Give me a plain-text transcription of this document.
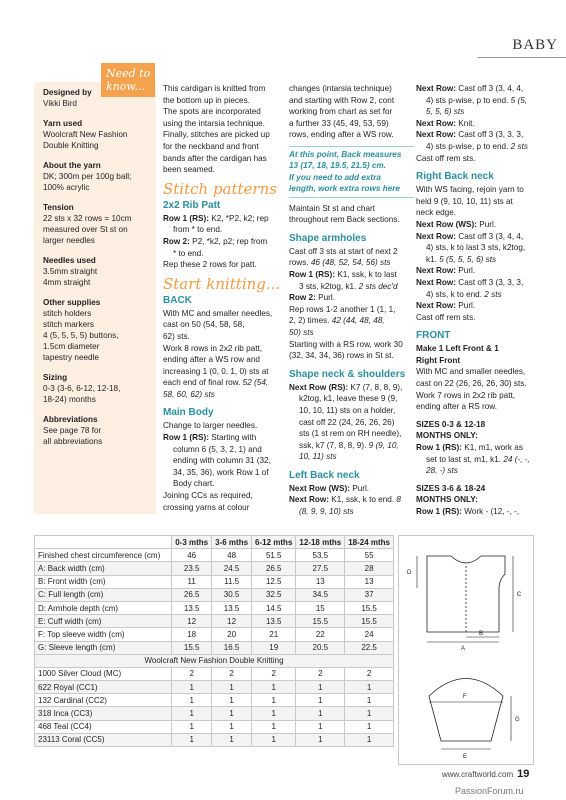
BABY
Need to
know...
Designed by
Vikki Bird
Yarn used
Woolcraft New Fashion
Double Knitting
About the yarn
DK; 300m per 100g ball;
100% acrylic
Tension
22 sts x 32 rows = 10cm
measured over St st on
larger needles
Needles used
3.5mm straight
4mm straight
Other supplies
stitch holders
stitch markers
4 (5, 5, 5, 5) buttons,
1.5cm diameter
tapestry needle
Sizing
0-3 (3-6, 6-12, 12-18,
18-24) months
Abbreviations
See page 78 for
all abbreviations
This cardigan is knitted from
the bottom up in pieces.
The spots are incorporated
using the intarsia technique.
Finally, stitches are picked up
for the neckband and front
bands after the cardigan has
been seamed.
Stitch patterns
2x2 Rib Patt
Row 1 (RS): K2, *P2, k2; rep
from * to end.
Row 2: P2, *k2, p2; rep from
* to end.
Rep these 2 rows for patt.
Start knitting...
BACK
With MC and smaller needles,
cast on 50 (54, 58, 58,
62) sts.
Work 8 rows in 2x2 rib patt,
ending after a WS row and
increasing 1 (0, 0, 1, 0) sts at
each end of final row. 52 (54,
58, 60, 62) sts
Main Body
Change to larger needles.
Row 1 (RS): Starting with
column 6 (5, 3, 2, 1) and
ending with column 31 (32,
34, 35, 36), work Row 1 of
Body chart.
Joining CCs as required,
crossing yarns at colour
changes (intarsia technique)
and starting with Row 2, cont
working from chart as set for
a further 33 (45, 49, 53, 59)
rows, ending after a WS row.
At this point, Back measures
13 (17, 18, 19.5, 21.5) cm.
If you need to add extra
length, work extra rows here
Maintain St st and chart
throughout rem Back sections.
Shape armholes
Cast off 3 sts at start of next 2
rows. 46 (48, 52, 54, 56) sts
Row 1 (RS): K1, ssk, k to last
3 sts, k2tog, k1. 2 sts dec'd
Row 2: Purl.
Rep rows 1-2 another 1 (1, 1,
2, 2) times. 42 (44, 48, 48,
50) sts
Starting with a RS row, work 30
(32, 34, 34, 36) rows in St st.
Shape neck & shoulders
Next Row (RS): K7 (7, 8, 8, 9),
k2tog, k1, leave these 9 (9,
10, 10, 11) sts on a holder,
cast off 22 (24, 26, 26, 26)
sts (1 st rem on RH needle),
ssk, k7 (7, 8, 8, 9). 9 (9, 10,
10, 11) sts
Left Back neck
Next Row (WS): Purl.
Next Row: K1, ssk, k to end. 8
(8, 9, 9, 10) sts
Next Row: Cast off 3 (3, 4, 4,
4) sts p-wise, p to end. 5 (5,
5, 5, 6) sts
Next Row: Knit.
Next Row: Cast off 3 (3, 3, 3,
4) sts p-wise, p to end. 2 sts
Cast off rem sts.
Right Back neck
With WS facing, rejoin yarn to
held 9 (9, 10, 10, 11) sts at
neck edge.
Next Row (WS): Purl.
Next Row: Cast off 3 (3, 4, 4,
4) sts, k to last 3 sts, k2tog,
k1. 5 (5, 5, 5, 6) sts
Next Row: Purl.
Next Row: Cast off 3 (3, 3, 3,
4) sts, k to end. 2 sts
Next Row: Purl.
Cast off rem sts.
FRONT
Make 1 Left Front & 1
Right Front
With MC and smaller needles,
cast on 22 (26, 26, 26, 30) sts.
Work 7 rows in 2x2 rib patt,
ending after a RS row.
SIZES 0-3 & 12-18
MONTHS ONLY:
Row 1 (RS): K1, m1, work as
set to last st, m1, k1. 24 (-, -,
28, -) sts
SIZES 3-6 & 18-24
MONTHS ONLY:
Row 1 (RS): Work - (12, -, -,
	0-3 mths	3-6 mths	6-12 mths	12-18 mths	18-24 mths
Finished chest circumference (cm)	46	48	51.5	53.5	55
A: Back width (cm)	23.5	24.5	26.5	27.5	28
B: Front width (cm)	11	11.5	12.5	13	13
C: Full length (cm)	26.5	30.5	32.5	34.5	37
D: Armhole depth (cm)	13.5	13.5	14.5	15	15.5
E: Cuff width (cm)	12	12	13.5	15.5	15.5
F: Top sleeve width (cm)	18	20	21	22	24
G: Sleeve length (cm)	15.5	16.5	19	20.5	22.5
Woolcraft New Fashion Double Knitting					
1000 Silver Cloud (MC)	2	2	2	2	2
622 Royal (CC1)	1	1	1	1	1
132 Cardinal (CC2)	1	1	1	1	1
318 Inca (CC3)	1	1	1	1	1
468 Teal (CC4)	1	1	1	1	1
23113 Coral (CC5)	1	1	1	1	1
D
C
A
B
F
G
E
www.craftworld.com 19
PassionForum.ru
